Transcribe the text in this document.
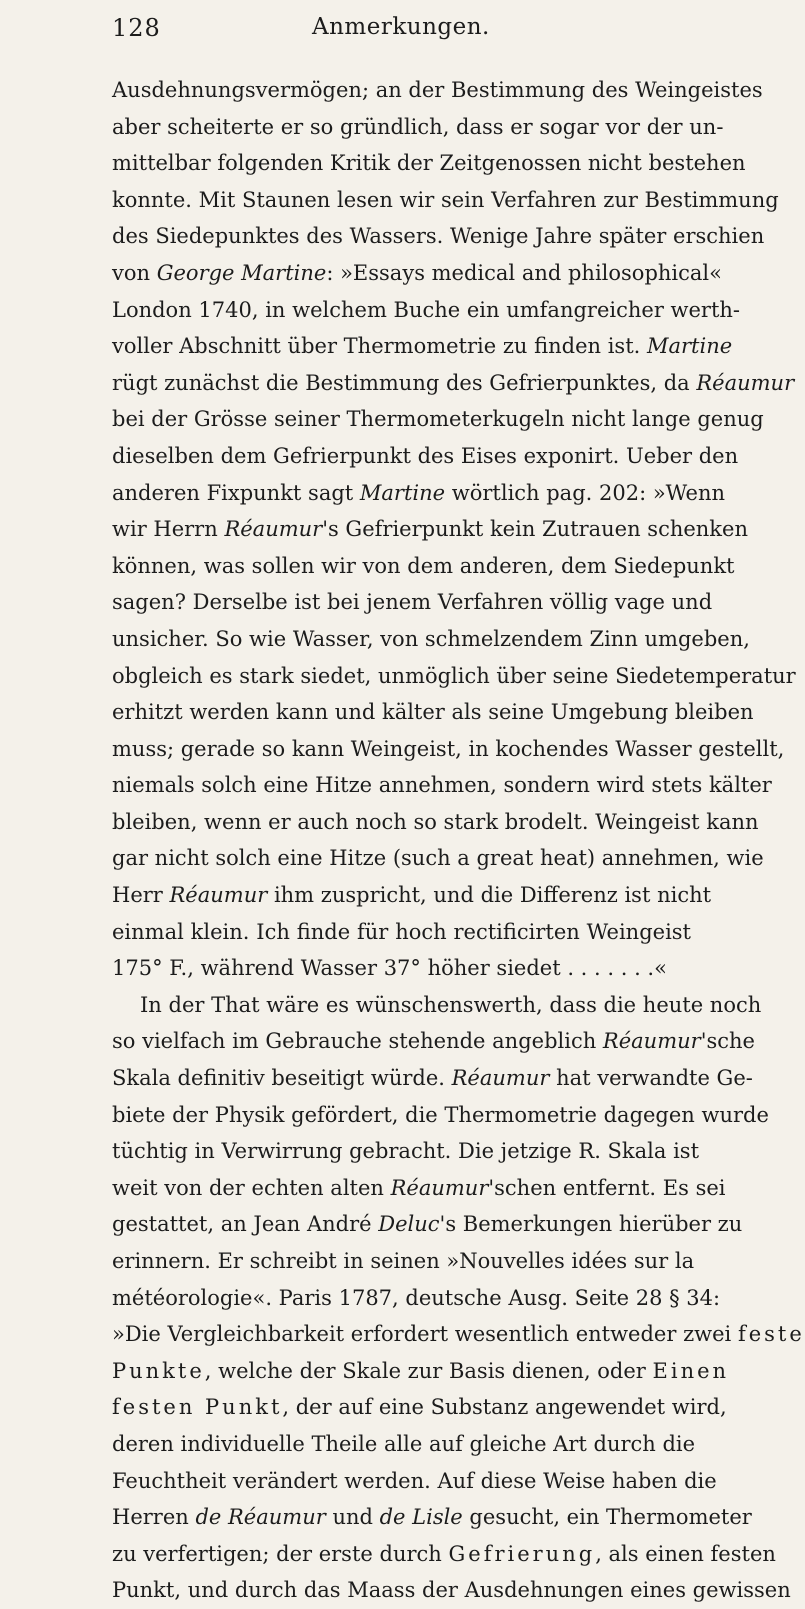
128	Anmerkungen.
Ausdehnungsvermögen; an der Bestimmung des Weingeistes
aber scheiterte er so gründlich, dass er sogar vor der un-
mittelbar folgenden Kritik der Zeitgenossen nicht bestehen
konnte. Mit Staunen lesen wir sein Verfahren zur Bestimmung
des Siedepunktes des Wassers. Wenige Jahre später erschien
von George Martine: »Essays medical and philosophical«
London 1740, in welchem Buche ein umfangreicher werth-
voller Abschnitt über Thermometrie zu finden ist. Martine
rügt zunächst die Bestimmung des Gefrierpunktes, da Réaumur
bei der Grösse seiner Thermometerkugeln nicht lange genug
dieselben dem Gefrierpunkt des Eises exponirt. Ueber den
anderen Fixpunkt sagt Martine wörtlich pag. 202: »Wenn
wir Herrn Réaumur's Gefrierpunkt kein Zutrauen schenken
können, was sollen wir von dem anderen, dem Siedepunkt
sagen? Derselbe ist bei jenem Verfahren völlig vage und
unsicher. So wie Wasser, von schmelzendem Zinn umgeben,
obgleich es stark siedet, unmöglich über seine Siedetemperatur
erhitzt werden kann und kälter als seine Umgebung bleiben
muss; gerade so kann Weingeist, in kochendes Wasser gestellt,
niemals solch eine Hitze annehmen, sondern wird stets kälter
bleiben, wenn er auch noch so stark brodelt. Weingeist kann
gar nicht solch eine Hitze (such a great heat) annehmen, wie
Herr Réaumur ihm zuspricht, und die Differenz ist nicht
einmal klein. Ich finde für hoch rectificirten Weingeist
175° F., während Wasser 37° höher siedet . . . . . . .«
In der That wäre es wünschenswerth, dass die heute noch
so vielfach im Gebrauche stehende angeblich Réaumur'sche
Skala definitiv beseitigt würde. Réaumur hat verwandte Ge-
biete der Physik gefördert, die Thermometrie dagegen wurde
tüchtig in Verwirrung gebracht. Die jetzige R. Skala ist
weit von der echten alten Réaumur'schen entfernt. Es sei
gestattet, an Jean André Deluc's Bemerkungen hierüber zu
erinnern. Er schreibt in seinen »Nouvelles idées sur la
météorologie«. Paris 1787, deutsche Ausg. Seite 28 § 34:
»Die Vergleichbarkeit erfordert wesentlich entweder zwei feste
Punkte, welche der Skale zur Basis dienen, oder Einen
festen Punkt, der auf eine Substanz angewendet wird,
deren individuelle Theile alle auf gleiche Art durch die
Feuchtheit verändert werden. Auf diese Weise haben die
Herren de Réaumur und de Lisle gesucht, ein Thermometer
zu verfertigen; der erste durch Gefrierung, als einen festen
Punkt, und durch das Maass der Ausdehnungen eines gewissen
